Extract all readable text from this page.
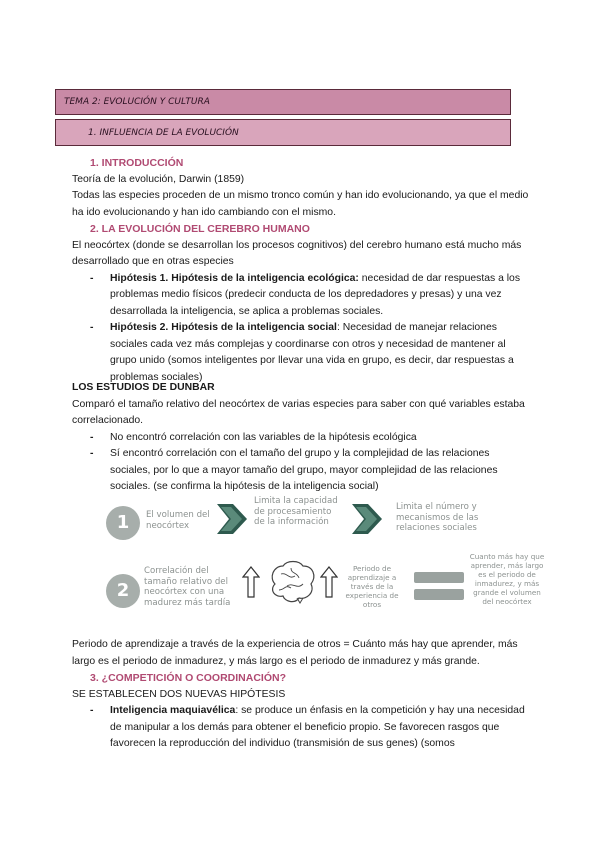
TEMA 2: EVOLUCIÓN Y CULTURA
1. INFLUENCIA DE LA EVOLUCIÓN
1. INTRODUCCIÓN
Teoría de la evolución, Darwin (1859)
Todas las especies proceden de un mismo tronco común y han ido evolucionando, ya que el medio ha ido evolucionando y han ido cambiando con el mismo.
2. LA EVOLUCIÓN DEL CEREBRO HUMANO
El neocórtex (donde se desarrollan los procesos cognitivos) del cerebro humano está mucho más desarrollado que en otras especies
- Hipótesis 1. Hipótesis de la inteligencia ecológica: necesidad de dar respuestas a los problemas medio físicos (predecir conducta de los depredadores y presas) y una vez desarrollada la inteligencia, se aplica a problemas sociales.
- Hipótesis 2. Hipótesis de la inteligencia social: Necesidad de manejar relaciones sociales cada vez más complejas y coordinarse con otros y necesidad de mantener al grupo unido (somos inteligentes por llevar una vida en grupo, es decir, dar respuestas a problemas sociales)
LOS ESTUDIOS DE DUNBAR
Comparó el tamaño relativo del neocórtex de varias especies para saber con qué variables estaba correlacionado.
- No encontró correlación con las variables de la hipótesis ecológica
- Sí encontró correlación con el tamaño del grupo y la complejidad de las relaciones sociales, por lo que a mayor tamaño del grupo, mayor complejidad de las relaciones sociales. (se confirma la hipótesis de la inteligencia social)
1	El volumen del neocórtex
Limita la capacidad de procesamiento de la información
Limita el número y mecanismos de las relaciones sociales
2
Correlación del tamaño relativo del neocórtex con una madurez más tardía
Periodo de aprendizaje a través de la experiencia de otros
Cuanto más hay que aprender, más largo es el periodo de inmadurez, y más grande el volumen del neocórtex
Periodo de aprendizaje a través de la experiencia de otros = Cuánto más hay que aprender, más largo es el periodo de inmadurez, y más largo es el periodo de inmadurez y más grande.
3. ¿COMPETICIÓN O COORDINACIÓN?
SE ESTABLECEN DOS NUEVAS HIPÓTESIS
- Inteligencia maquiavélica: se produce un énfasis en la competición y hay una necesidad de manipular a los demás para obtener el beneficio propio. Se favorecen rasgos que favorecen la reproducción del individuo (transmisión de sus genes) (somos
